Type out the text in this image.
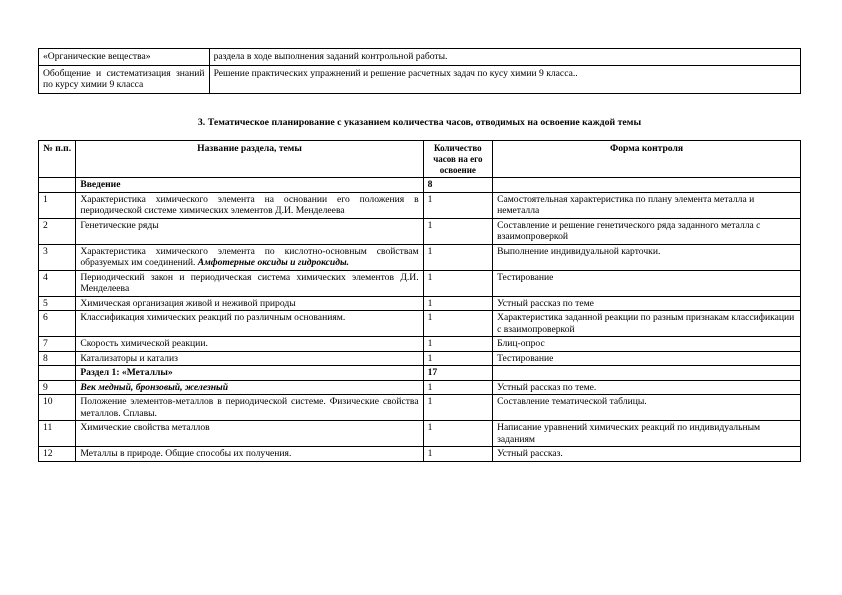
«Органические вещества»	раздела в ходе выполнения заданий контрольной работы.
Обобщение и систематизация знаний по курсу химии 9 класса	Решение практических упражнений и решение расчетных задач по кусу химии 9 класса..
3. Тематическое планирование с указанием количества часов, отводимых на освоение каждой темы
№ п.п.	Название раздела, темы	Количество часов на его освоение	Форма контроля
	Введение	8	
1	Характеристика химического элемента на основании его положения в периодической системе химических элементов Д.И. Менделеева	1	Самостоятельная характеристика по плану элемента металла и неметалла
2	Генетические ряды	1	Составление и решение генетического ряда заданного металла с взаимопроверкой
3	Характеристика химического элемента по кислотно-основным свойствам образуемых им соединений. Амфотерные оксиды и гидроксиды.	1	Выполнение индивидуальной карточки.
4	Периодический закон и периодическая система химических элементов Д.И. Менделеева	1	Тестирование
5	Химическая организация живой и неживой природы	1	Устный рассказ по теме
6	Классификация химических реакций по различным основаниям.	1	Характеристика заданной реакции по разным признакам классификации с взаимопроверкой
7	Скорость химической реакции.	1	Блиц-опрос
8	Катализаторы и катализ	1	Тестирование
	Раздел 1: «Металлы»	17	
9	Век медный, бронзовый, железный	1	Устный рассказ по теме.
10	Положение элементов-металлов в периодической системе. Физические свойства металлов. Сплавы.	1	Составление тематической таблицы.
11	Химические свойства металлов	1	Написание уравнений химических реакций по индивидуальным заданиям
12	Металлы в природе. Общие способы их получения.	1	Устный рассказ.
